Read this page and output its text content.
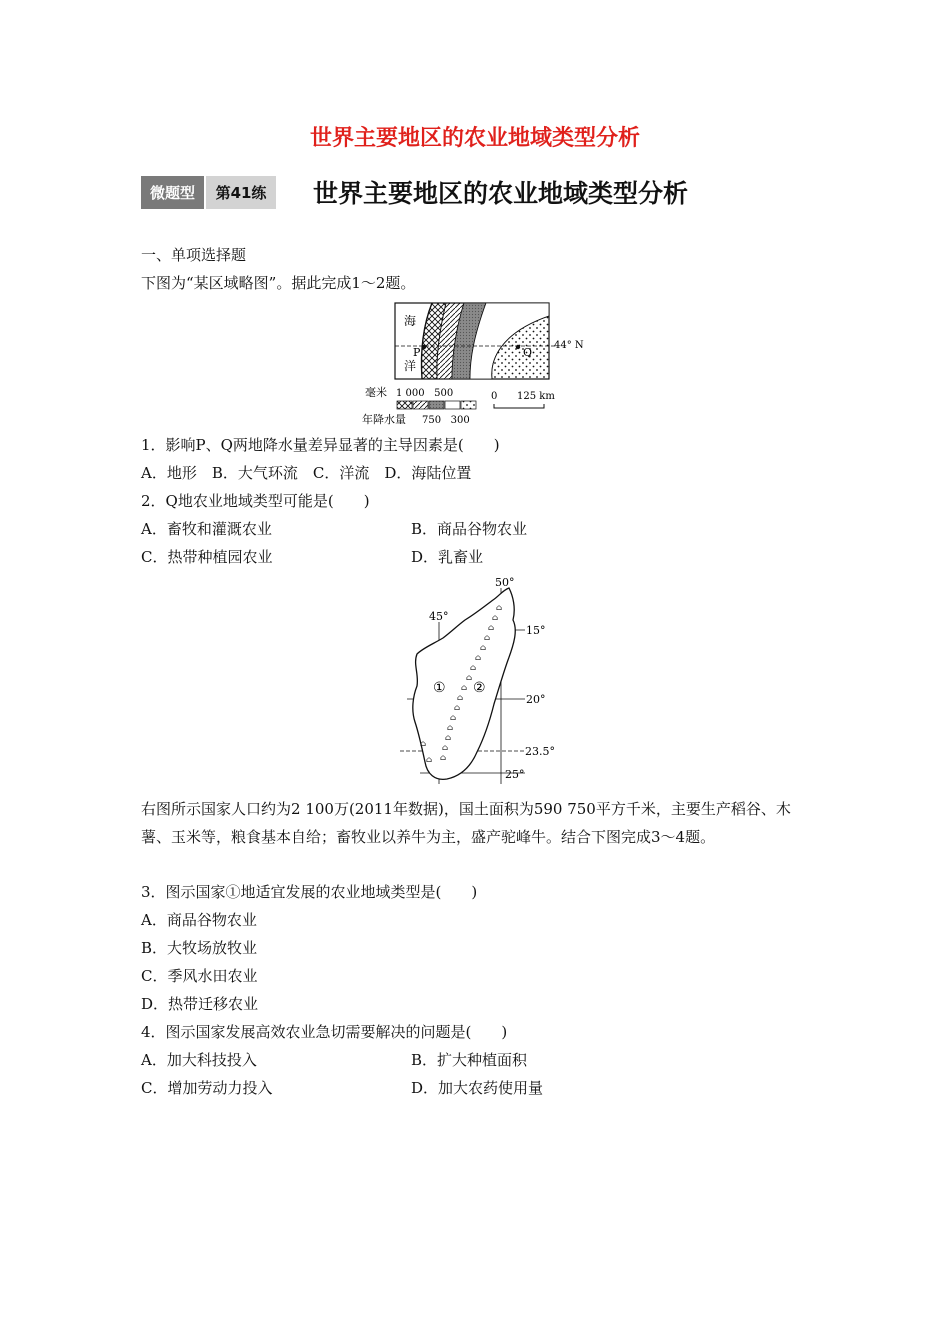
世界主要地区的农业地域类型分析
微题型	第41练	世界主要地区的农业地域类型分析
一、单项选择题
下图为“某区域略图”。据此完成1～2题。
海
洋
P	Q
44° N
毫米 1 000   500
年降水量 750   300
0 125 km
1．影响P、Q两地降水量差异显著的主导因素是(　　)
A．地形　B．大气环流　C．洋流　D．海陆位置
2．Q地农业地域类型可能是(　　)
A．畜牧和灌溉农业	B．商品谷物农业
C．热带种植园农业	D．乳畜业
⌂
⌂
⌂
⌂
⌂
⌂
⌂
⌂
⌂
⌂
⌂
⌂
⌂
⌂
⌂
⌂
⌂
⌂
50°
45°
15°
20°
23.5°
25°
① ②
右图所示国家人口约为2 100万(2011年数据)，国土面积为590 750平方千米，主要生产稻谷、木薯、玉米等，粮食基本自给；畜牧业以养牛为主，盛产驼峰牛。结合下图完成3～4题。
3．图示国家①地适宜发展的农业地域类型是(　　)
A．商品谷物农业
B．大牧场放牧业
C．季风水田农业
D．热带迁移农业
4．图示国家发展高效农业急切需要解决的问题是(　　)
A．加大科技投入	B．扩大种植面积
C．增加劳动力投入	D．加大农药使用量
